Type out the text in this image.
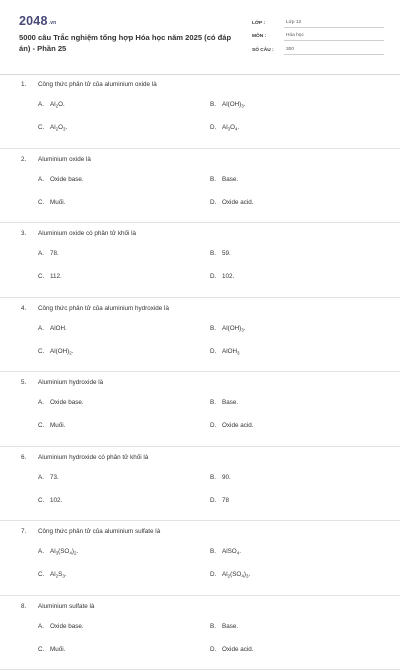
2048.vn
5000 câu Trắc nghiệm tổng hợp Hóa học năm 2025 (có đáp án) - Phần 25
LỚP :	Lớp 12
MÔN :	Hóa học
SỐ CÂU :	300
1. Công thức phân tử của aluminium oxide là
A. $Al_2O$.	B. $Al(OH)_3$.
C. $Al_2O_3$.	D. $Al_3O_4$.
2. Aluminium oxide là
A. Oxide base.	B. Base.
C. Muối.	D. Oxide acid.
3. Aluminium oxide có phân tử khối là
A. 78.	B. 59.
C. 112.	D. 102.
4. Công thức phân tử của aluminium hydroxide là
A. AlOH.	B. $Al(OH)_3$.
C. $Al(OH)_2$.	D. AlOH$_3$
5. Aluminium hydroxide là
A. Oxide base.	B. Base.
C. Muối.	D. Oxide acid.
6. Aluminium hydroxide có phân tử khối là
A. 73.	B. 90.
C. 102.	D. 78
7. Công thức phân tử của aluminium sulfate là
A. $Al_3(SO_4)_2$.	B. AlSO$_4$.
C. $Al_2S_3$.	D. $Al_2(SO_4)_3$.
8. Aluminium sulfate là
A. Oxide base.	B. Base.
C. Muối.	D. Oxide acid.
